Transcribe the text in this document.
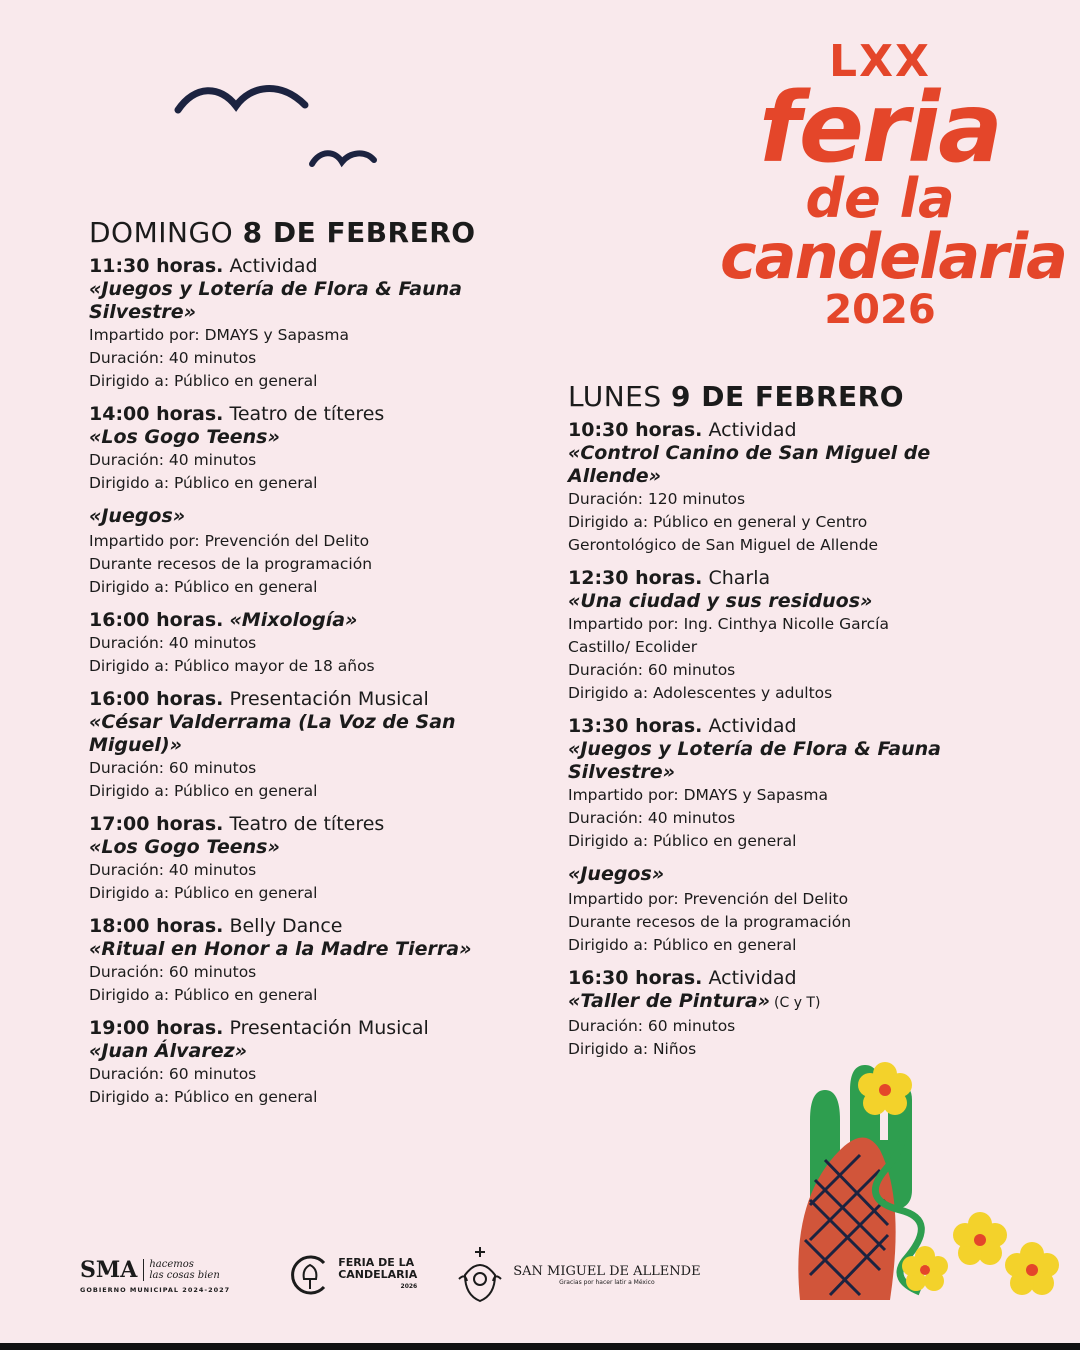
LXX
feria
de la
candelaria
2026
DOMINGO 8 DE FEBRERO
11:30 horas. Actividad
«Juegos y Lotería de Flora & Fauna Silvestre»
Impartido por: DMAYS y Sapasma
Duración: 40 minutos
Dirigido a: Público en general
14:00 horas. Teatro de títeres
«Los Gogo Teens»
Duración: 40 minutos
Dirigido a: Público en general
«Juegos»
Impartido por: Prevención del Delito
Durante recesos de la programación
Dirigido a: Público en general
16:00 horas. «Mixología»
Duración: 40 minutos
Dirigido a: Público mayor de 18 años
16:00 horas. Presentación Musical
«César Valderrama (La Voz de San Miguel)»
Duración: 60 minutos
Dirigido a: Público en general
17:00 horas. Teatro de títeres
«Los Gogo Teens»
Duración: 40 minutos
Dirigido a: Público en general
18:00 horas. Belly Dance
«Ritual en Honor a la Madre Tierra»
Duración: 60 minutos
Dirigido a: Público en general
19:00 horas. Presentación Musical
«Juan Álvarez»
Duración: 60 minutos
Dirigido a: Público en general
LUNES 9 DE FEBRERO
10:30 horas. Actividad
«Control Canino de San Miguel de Allende»
Duración: 120 minutos
Dirigido a: Público en general y Centro Gerontológico de San Miguel de Allende
12:30 horas. Charla
«Una ciudad y sus residuos»
Impartido por: Ing. Cinthya Nicolle García Castillo/ Ecolider
Duración: 60 minutos
Dirigido a: Adolescentes y adultos
13:30 horas. Actividad
«Juegos y Lotería de Flora & Fauna Silvestre»
Impartido por: DMAYS y Sapasma
Duración: 40 minutos
Dirigido a: Público en general
«Juegos»
Impartido por: Prevención del Delito
Durante recesos de la programación
Dirigido a: Público en general
16:30 horas. Actividad
«Taller de Pintura» (C y T)
Duración: 60 minutos
Dirigido a: Niños
SMA	hacemos
las cosas bien
GOBIERNO MUNICIPAL 2024-2027
FERIA DE LA
CANDELARIA
2026
SAN MIGUEL DE ALLENDE
Gracias por hacer latir a México
